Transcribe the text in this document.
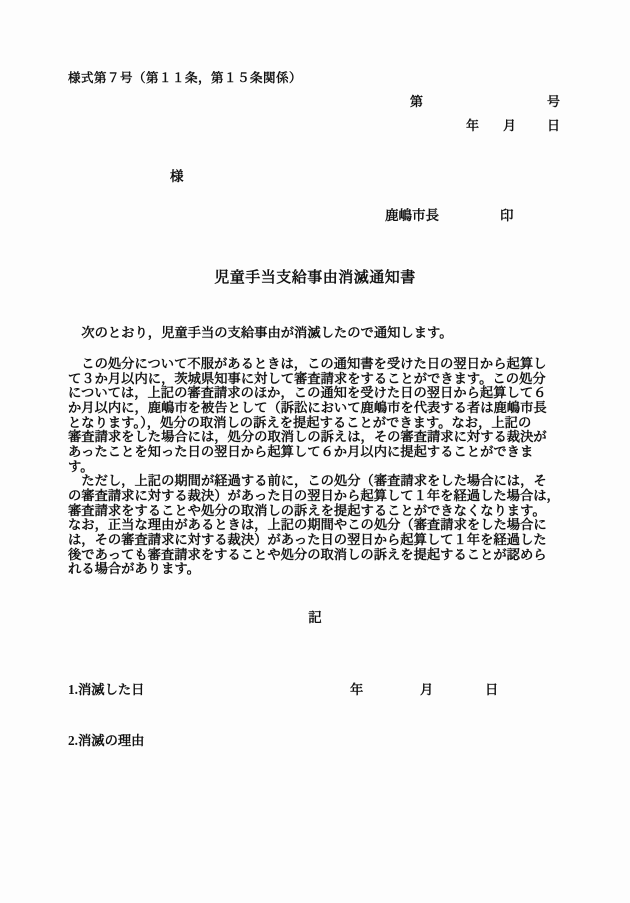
様式第７号（第１１条，第１５条関係）
第	号
年 月 日
様
鹿嶋市長	印
児童手当支給事由消滅通知書
　次のとおり，児童手当の支給事由が消滅したので通知します。
　この処分について不服があるときは，この通知書を受けた日の翌日から起算し
て３か月以内に，茨城県知事に対して審査請求をすることができます。この処分
については，上記の審査請求のほか，この通知を受けた日の翌日から起算して６
か月以内に，鹿嶋市を被告として（訴訟において鹿嶋市を代表する者は鹿嶋市長
となります。），処分の取消しの訴えを提起することができます。なお，上記の
審査請求をした場合には，処分の取消しの訴えは，その審査請求に対する裁決が
あったことを知った日の翌日から起算して６か月以内に提起することができま
す。
　ただし，上記の期間が経過する前に，この処分（審査請求をした場合には，そ
の審査請求に対する裁決）があった日の翌日から起算して１年を経過した場合は，
審査請求をすることや処分の取消しの訴えを提起することができなくなります。
なお，正当な理由があるときは，上記の期間やこの処分（審査請求をした場合に
は，その審査請求に対する裁決）があった日の翌日から起算して１年を経過した
後であっても審査請求をすることや処分の取消しの訴えを提起することが認めら
れる場合があります。
記
1.消滅した日	年	月	日
2.消滅の理由
